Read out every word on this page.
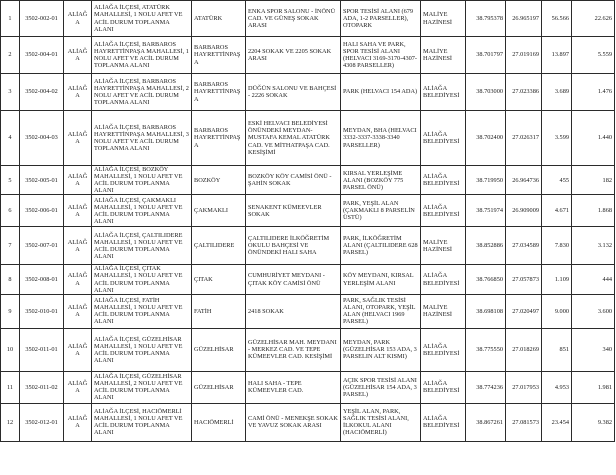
1	3502-002-01	ALİAĞA	ALİAĞA İLÇESİ, ATATÜRK MAHALLESİ, 1 NOLU AFET VE ACİL DURUM TOPLANMA ALANI	ATATÜRK	ENKA SPOR SALONU - İNÖNÜ CAD. VE GÜNEŞ SOKAK ARASI	SPOR TESİSİ ALANI (679 ADA, 1-2 PARSELLER), OTOPARK	MALİYE HAZİNESİ	38.795378	26.965197	56.566	22.626

2	3502-004-01	ALİAĞA	ALİAĞA İLÇESİ, BARBAROS HAYRETTİNPAŞA MAHALLESİ, 1 NOLU AFET VE ACİL DURUM TOPLANMA ALANI	BARBAROS HAYRETTİNPAŞA	2204 SOKAK VE 2205 SOKAK ARASI	HALI SAHA VE PARK, SPOR TESİSİ ALANI (HELVACI 3169-3170-4307-4308 PARSELLER)	MALİYE HAZİNESİ	38.701797	27.019169	13.897	5.559

3	3502-004-02	ALİAĞA	ALİAĞA İLÇESİ, BARBAROS HAYRETTİNPAŞA MAHALLESİ, 2 NOLU AFET VE ACİL DURUM TOPLANMA ALANI	BARBAROS HAYRETTİNPAŞA	DÜĞÜN SALONU VE BAHÇESİ - 2226 SOKAK	PARK (HELVACI 154 ADA)	ALİAĞA BELEDİYESİ	38.703000	27.023386	3.689	1.476

4	3502-004-03	ALİAĞA	ALİAĞA İLÇESİ, BARBAROS HAYRETTİNPAŞA MAHALLESİ, 3 NOLU AFET VE ACİL DURUM TOPLANMA ALANI	BARBAROS HAYRETTİNPAŞA	ESKİ HELVACI BELEDİYESİ ÖNÜNDEKİ MEYDAN-MUSTAFA KEMAL ATATÜRK CAD. VE MİTHATPAŞA CAD. KESİŞİMİ	MEYDAN, BHA (HELVACI 3332-3337-3338-3340 PARSELLER)	ALİAĞA BELEDİYESİ	38.702400	27.026317	3.599	1.440

5	3502-005-01	ALİAĞA	ALİAĞA İLÇESİ, BOZKÖY MAHALLESİ, 1 NOLU AFET VE ACİL DURUM TOPLANMA ALANI	BOZKÖY	BOZKÖY KÖY CAMİSİ ÖNÜ - ŞAHİN SOKAK	KIRSAL YERLEŞİME ALANI (BOZKÖY 775 PARSEL ÖNÜ)	ALİAĞA BELEDİYESİ	38.719950	26.964736	455	182

6	3502-006-01	ALİAĞA	ALİAĞA İLÇESİ, ÇAKMAKLI MAHALLESİ, 1 NOLU AFET VE ACİL DURUM TOPLANMA ALANI	ÇAKMAKLI	SENAKENT KÜMEEVLER SOKAK	PARK, YEŞİL ALAN (ÇAKMAKLI 8 PARSELİN ÜSTÜ)	ALİAĞA BELEDİYESİ	38.751974	26.909009	4.671	1.868

7	3502-007-01	ALİAĞA	ALİAĞA İLÇESİ, ÇALTILIDERE MAHALLESİ, 1 NOLU AFET VE ACİL DURUM TOPLANMA ALANI	ÇALTILIDERE	ÇALTILIDERE İLKÖĞRETİM OKULU BAHÇESİ VE ÖNÜNDEKİ HALI SAHA	PARK, İLKÖĞRETİM ALANI (ÇALTILIDERE 628 PARSEL)	MALİYE HAZİNESİ	38.852886	27.034589	7.830	3.132

8	3502-008-01	ALİAĞA	ALİAĞA İLÇESİ, ÇITAK MAHALLESİ, 1 NOLU AFET VE ACİL DURUM TOPLANMA ALANI	ÇITAK	CUMHURİYET MEYDANI - ÇITAK KÖY CAMİSİ ÖNÜ	KÖY MEYDANI, KIRSAL YERLEŞİM ALANI	ALİAĞA BELEDİYESİ	38.766850	27.057873	1.109	444

9	3502-010-01	ALİAĞA	ALİAĞA İLÇESİ, FATİH MAHALLESİ, 1 NOLU AFET VE ACİL DURUM TOPLANMA ALANI	FATİH	2418 SOKAK	PARK, SAĞLIK TESİSİ ALANI, OTOPARK, YEŞİL ALAN (HELVACI 1969 PARSEL)	MALİYE HAZİNESİ	38.698108	27.020497	9.000	3.600

10	3502-011-01	ALİAĞA	ALİAĞA İLÇESİ, GÜZELHİSAR MAHALLESİ, 1 NOLU AFET VE ACİL DURUM TOPLANMA ALANI	GÜZELHİSAR	GÜZELHİSAR MAH. MEYDANI - MERKEZ CAD. VE TEPE KÜMEEVLER CAD. KESİŞİMİ	MEYDAN, PARK (GÜZELHİSAR 153 ADA, 3 PARSELIN ALT KISMI)	ALİAĞA BELEDİYESİ	38.775550	27.018269	851	340

11	3502-011-02	ALİAĞA	ALİAĞA İLÇESİ, GÜZELHİSAR MAHALLESİ, 2 NOLU AFET VE ACİL DURUM TOPLANMA ALANI	GÜZELHİSAR	HALI SAHA - TEPE KÜMEEVLER CAD.	AÇIK SPOR TESİSİ ALANI (GÜZELHİSAR 154 ADA, 3 PARSEL)	ALİAĞA BELEDİYESİ	38.774236	27.017953	4.953	1.981

12	3502-012-01	ALİAĞA	ALİAĞA İLÇESİ, HACIÖMERLİ MAHALLESİ, 1 NOLU AFET VE ACİL DURUM TOPLANMA ALANI	HACIÖMERLİ	CAMİ ÖNÜ - MENEKŞE SOKAK VE YAVUZ SOKAK ARASI	YEŞİL ALAN, PARK, SAĞLIK TESİSİ ALANI, İLKOKUL ALANI (HACIÖMERLİ)	ALİAĞA BELEDİYESİ	38.867261	27.081573	23.454	9.382
